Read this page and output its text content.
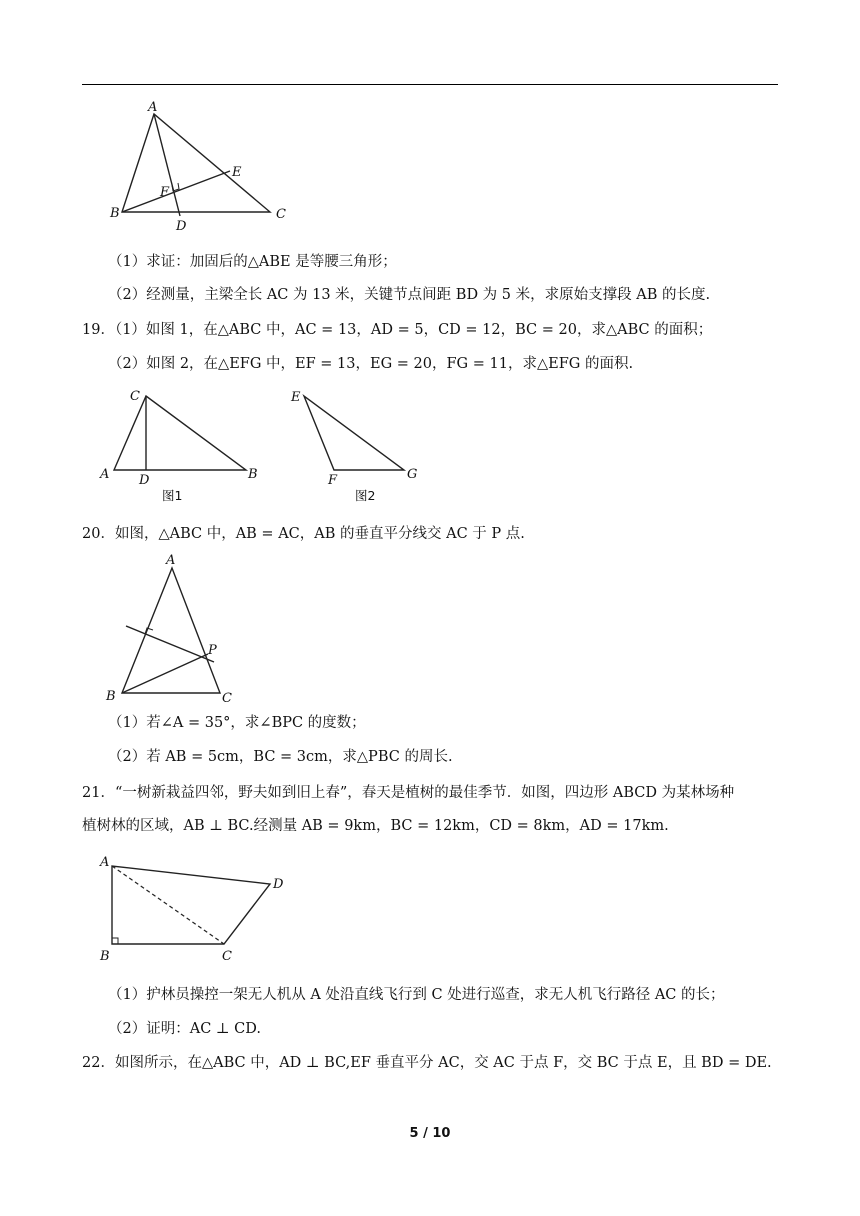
A
B	C
D
E
F
（1）求证：加固后的△ABE 是等腰三角形；
（2）经测量，主梁全长 AC 为 13 米，关键节点间距 BD 为 5 米，求原始支撑段 AB 的长度.
19．（1）如图 1，在△ABC 中，AC = 13，AD = 5，CD = 12，BC = 20，求△ABC 的面积；
（2）如图 2，在△EFG 中，EF = 13，EG = 20，FG = 11，求△EFG 的面积.
C
A D	B
图1
E
F	G
图2
20．如图，△ABC 中，AB = AC，AB 的垂直平分线交 AC 于 P 点.
A
B	C
P
（1）若∠A = 35°，求∠BPC 的度数；
（2）若 AB = 5cm，BC = 3cm，求△PBC 的周长.
21．“一树新栽益四邻，野夫如到旧上春”，春天是植树的最佳季节．如图，四边形 ABCD 为某林场种
植树林的区域，AB ⊥ BC.经测量 AB = 9km，BC = 12km，CD = 8km，AD = 17km.
A
B	C
D
（1）护林员操控一架无人机从 A 处沿直线飞行到 C 处进行巡查，求无人机飞行路径 AC 的长；
（2）证明：AC ⊥ CD.
22．如图所示，在△ABC 中，AD ⊥ BC,EF 垂直平分 AC，交 AC 于点 F，交 BC 于点 E，且 BD = DE.
5 / 10
